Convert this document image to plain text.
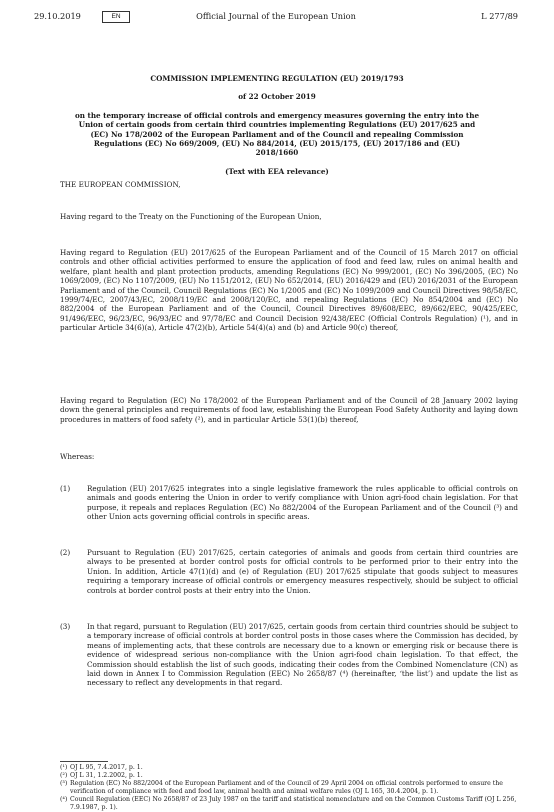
Official Journal of the European Union
29.10.2019	EN	L 277/89

COMMISSION IMPLEMENTING REGULATION (EU) 2019/1793

of 22 October 2019

on the temporary increase of official controls and emergency measures governing the entry into the Union of certain goods from certain third countries implementing Regulations (EU) 2017/625 and (EC) No 178/2002 of the European Parliament and of the Council and repealing Commission Regulations (EC) No 669/2009, (EU) No 884/2014, (EU) 2015/175, (EU) 2017/186 and (EU) 2018/1660

(Text with EEA relevance)

THE EUROPEAN COMMISSION,
Having regard to the Treaty on the Functioning of the European Union,
Having regard to Regulation (EU) 2017/625 of the European Parliament and of the Council of 15 March 2017 on official controls and other official activities performed to ensure the application of food and feed law, rules on animal health and welfare, plant health and plant protection products, amending Regulations (EC) No 999/2001, (EC) No 396/2005, (EC) No 1069/2009, (EC) No 1107/2009, (EU) No 1151/2012, (EU) No 652/2014, (EU) 2016/429 and (EU) 2016/2031 of the European Parliament and of the Council, Council Regulations (EC) No 1/2005 and (EC) No 1099/2009 and Council Directives 98/58/EC, 1999/74/EC, 2007/43/EC, 2008/119/EC and 2008/120/EC, and repealing Regulations (EC) No 854/2004 and (EC) No 882/2004 of the European Parliament and of the Council, Council Directives 89/608/EEC, 89/662/EEC, 90/425/EEC, 91/496/EEC, 96/23/EC, 96/93/EC and 97/78/EC and Council Decision 92/438/EEC (Official Controls Regulation) (¹), and in particular Article 34(6)(a), Article 47(2)(b), Article 54(4)(a) and (b) and Article 90(c) thereof,
Having regard to Regulation (EC) No 178/2002 of the European Parliament and of the Council of 28 January 2002 laying down the general principles and requirements of food law, establishing the European Food Safety Authority and laying down procedures in matters of food safety (²), and in particular Article 53(1)(b) thereof,
Whereas:
(1) Regulation (EU) 2017/625 integrates into a single legislative framework the rules applicable to official controls on animals and goods entering the Union in order to verify compliance with Union agri-food chain legislation. For that purpose, it repeals and replaces Regulation (EC) No 882/2004 of the European Parliament and of the Council (³) and other Union acts governing official controls in specific areas.
(2) Pursuant to Regulation (EU) 2017/625, certain categories of animals and goods from certain third countries are always to be presented at border control posts for official controls to be performed prior to their entry into the Union. In addition, Article 47(1)(d) and (e) of Regulation (EU) 2017/625 stipulate that goods subject to measures requiring a temporary increase of official controls or emergency measures respectively, should be subject to official controls at border control posts at their entry into the Union.
(3) In that regard, pursuant to Regulation (EU) 2017/625, certain goods from certain third countries should be subject to a temporary increase of official controls at border control posts in those cases where the Commission has decided, by means of implementing acts, that these controls are necessary due to a known or emerging risk or because there is evidence of widespread serious non-compliance with the Union agri-food chain legislation. To that effect, the Commission should establish the list of such goods, indicating their codes from the Combined Nomenclature (CN) as laid down in Annex I to Commission Regulation (EEC) No 2658/87 (⁴) (hereinafter, ‘the list’) and update the list as necessary to reflect any developments in that regard.
(¹) OJ L 95, 7.4.2017, p. 1.
(²) OJ L 31, 1.2.2002, p. 1.
(³) Regulation (EC) No 882/2004 of the European Parliament and of the Council of 29 April 2004 on official controls performed to ensure the verification of compliance with feed and food law, animal health and animal welfare rules (OJ L 165, 30.4.2004, p. 1).
(⁴) Council Regulation (EEC) No 2658/87 of 23 July 1987 on the tariff and statistical nomenclature and on the Common Customs Tariff (OJ L 256, 7.9.1987, p. 1).
